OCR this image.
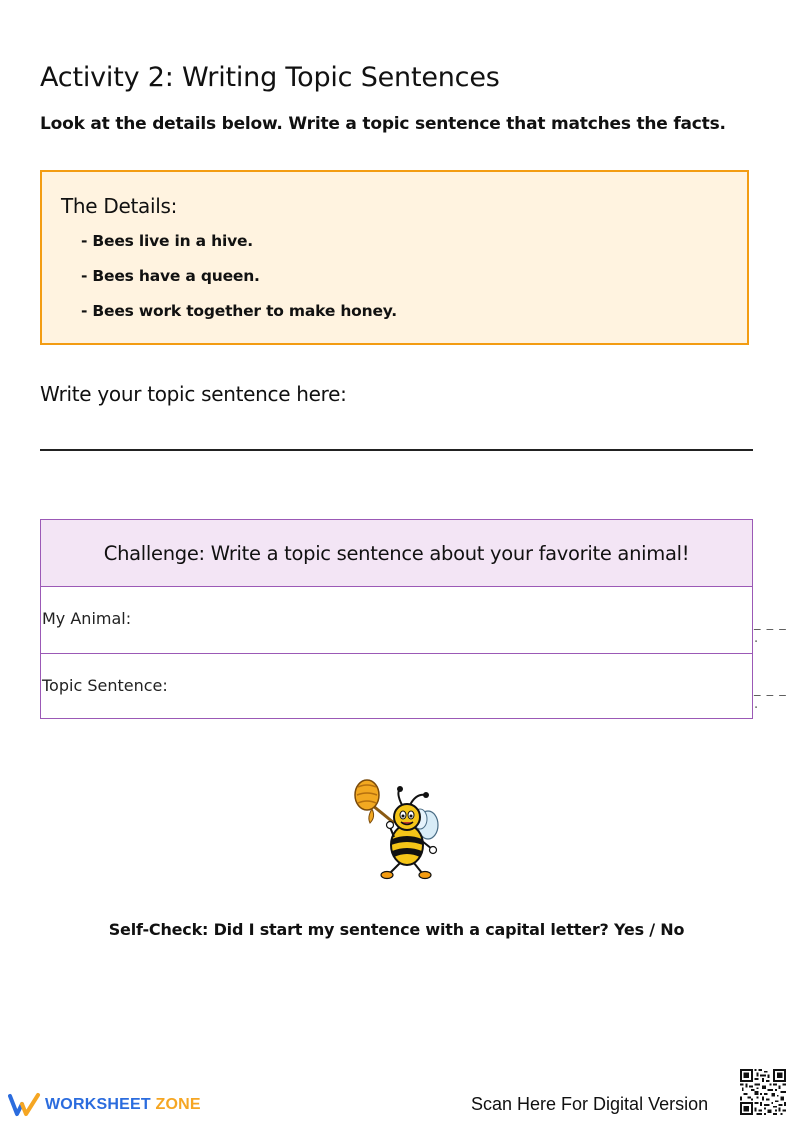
Activity 2: Writing Topic Sentences

Look at the details below. Write a topic sentence that matches the facts.

The Details:
- Bees live in a hive.
- Bees have a queen.
- Bees work together to make honey.
Write your topic sentence here:
Challenge: Write a topic sentence about your favorite animal!
My Animal:
Topic Sentence:
_ _ _ .
_ _ _ .
Self-Check: Did I start my sentence with a capital letter? Yes / No
WORKSHEET ZONE	Scan Here For Digital Version
